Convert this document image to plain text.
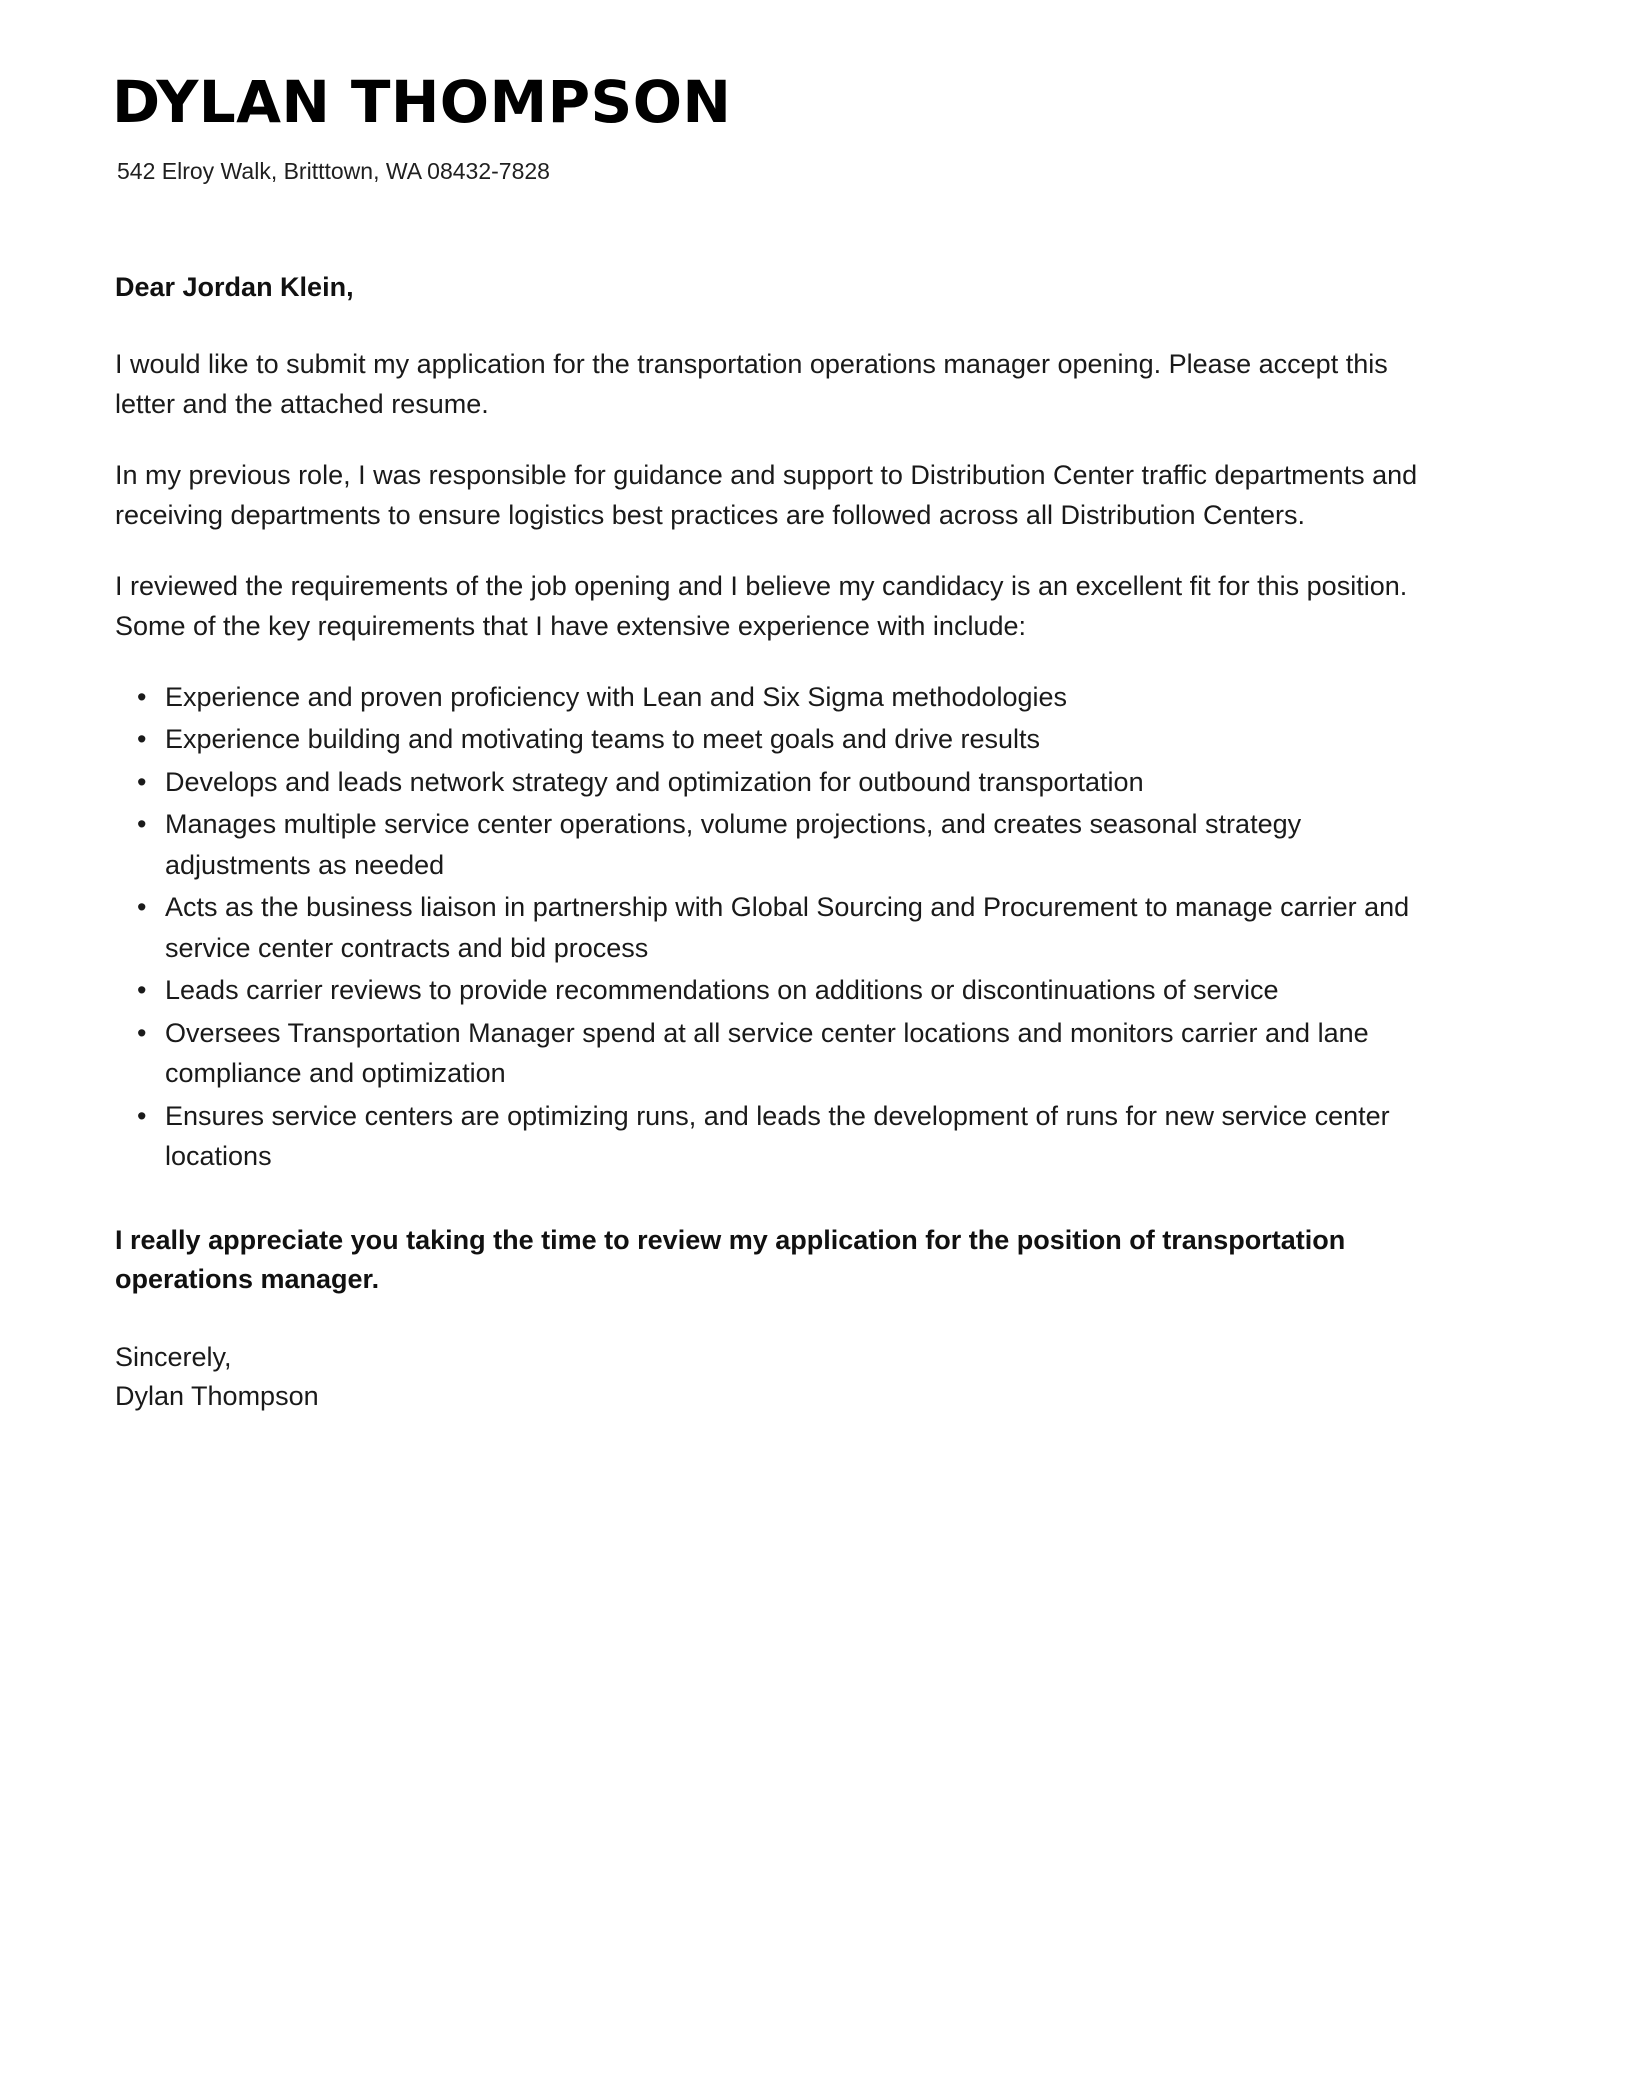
DYLAN THOMPSON
542 Elroy Walk, Britttown, WA 08432-7828
Dear Jordan Klein,

I would like to submit my application for the transportation operations manager opening. Please accept this letter and the attached resume.

In my previous role, I was responsible for guidance and support to Distribution Center traffic departments and receiving departments to ensure logistics best practices are followed across all Distribution Centers.

I reviewed the requirements of the job opening and I believe my candidacy is an excellent fit for this position. Some of the key requirements that I have extensive experience with include:

• Experience and proven proficiency with Lean and Six Sigma methodologies
• Experience building and motivating teams to meet goals and drive results
• Develops and leads network strategy and optimization for outbound transportation
• Manages multiple service center operations, volume projections, and creates seasonal strategy adjustments as needed
• Acts as the business liaison in partnership with Global Sourcing and Procurement to manage carrier and service center contracts and bid process
• Leads carrier reviews to provide recommendations on additions or discontinuations of service
• Oversees Transportation Manager spend at all service center locations and monitors carrier and lane compliance and optimization
• Ensures service centers are optimizing runs, and leads the development of runs for new service center locations

I really appreciate you taking the time to review my application for the position of transportation operations manager.

Sincerely,
Dylan Thompson
